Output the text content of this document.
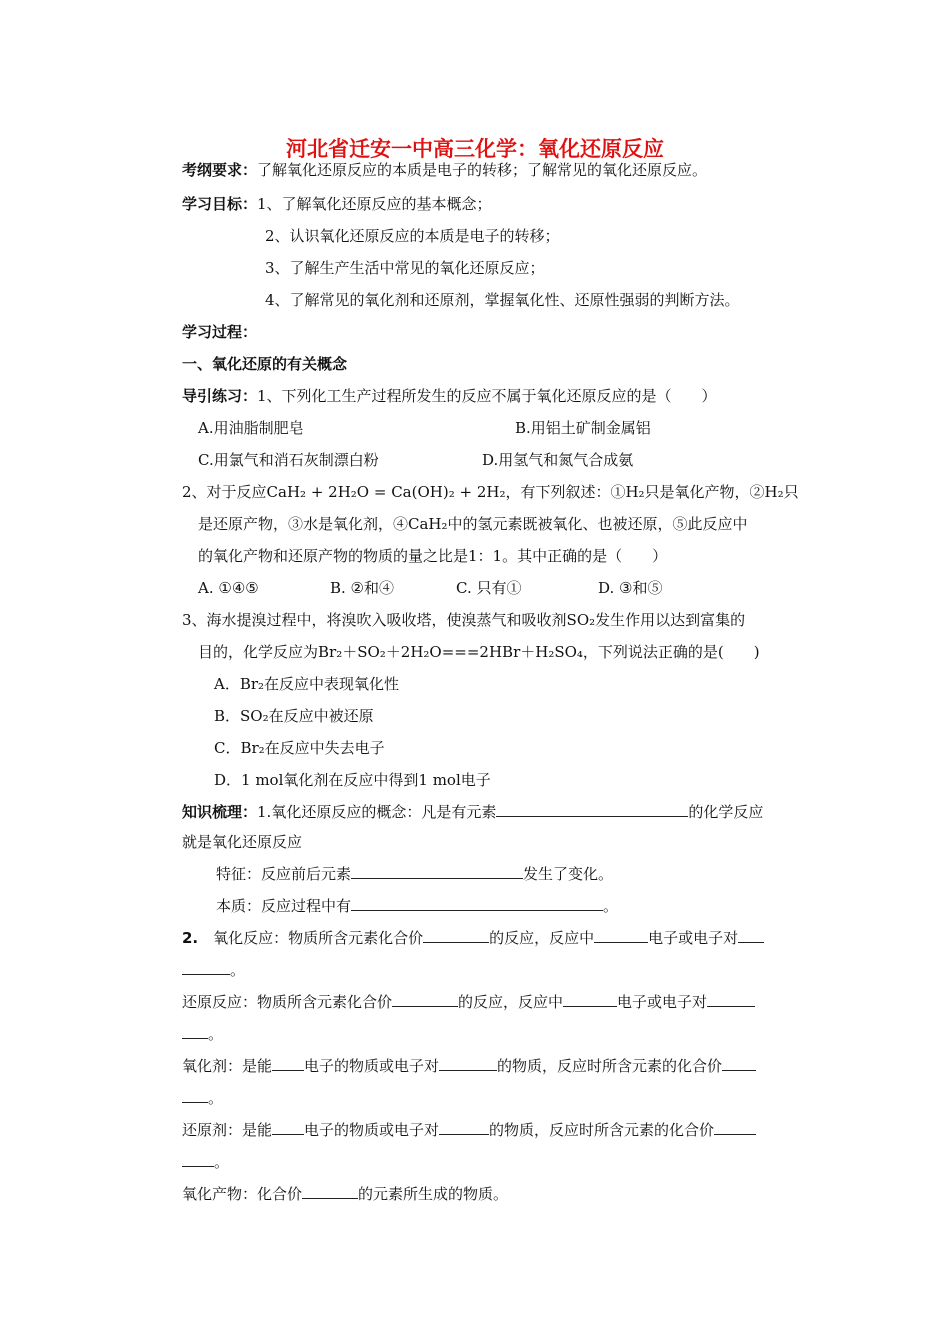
河北省迁安一中高三化学：氧化还原反应
考纲要求：了解氧化还原反应的本质是电子的转移；了解常见的氧化还原反应。
学习目标：1、了解氧化还原反应的基本概念；
2、认识氧化还原反应的本质是电子的转移；
3、了解生产生活中常见的氧化还原反应；
4、了解常见的氧化剂和还原剂，掌握氧化性、还原性强弱的判断方法。
学习过程：
一、氧化还原的有关概念
导引练习：1、下列化工生产过程所发生的反应不属于氧化还原反应的是（　　）
A.用油脂制肥皂	B.用铝土矿制金属铝
C.用氯气和消石灰制漂白粉	D.用氢气和氮气合成氨
2、对于反应CaH₂ + 2H₂O = Ca(OH)₂ + 2H₂，有下列叙述：①H₂只是氧化产物，②H₂只
是还原产物，③水是氧化剂，④CaH₂中的氢元素既被氧化、也被还原，⑤此反应中
的氧化产物和还原产物的物质的量之比是1：1。其中正确的是（　　）
A. ①④⑤	B. ②和④	C. 只有①	D. ③和⑤
3、海水提溴过程中，将溴吹入吸收塔，使溴蒸气和吸收剂SO₂发生作用以达到富集的
目的，化学反应为Br₂＋SO₂＋2H₂O===2HBr＋H₂SO₄，下列说法正确的是(　　)
A．Br₂在反应中表现氧化性
B．SO₂在反应中被还原
C．Br₂在反应中失去电子
D．1 mol氧化剂在反应中得到1 mol电子
知识梳理：1.氧化还原反应的概念：凡是有元素	的化学反应
就是氧化还原反应
特征：反应前后元素	发生了变化。
本质：反应过程中有	。
2.  氧化反应：物质所含元素化合价	的反应，反应中	电子或电子对
。
还原反应：物质所含元素化合价	的反应，反应中	电子或电子对
。
氧化剂：是能 电子的物质或电子对	的物质，反应时所含元素的化合价
。
还原剂：是能 电子的物质或电子对	的物质，反应时所含元素的化合价
。
氧化产物：化合价	的元素所生成的物质。
